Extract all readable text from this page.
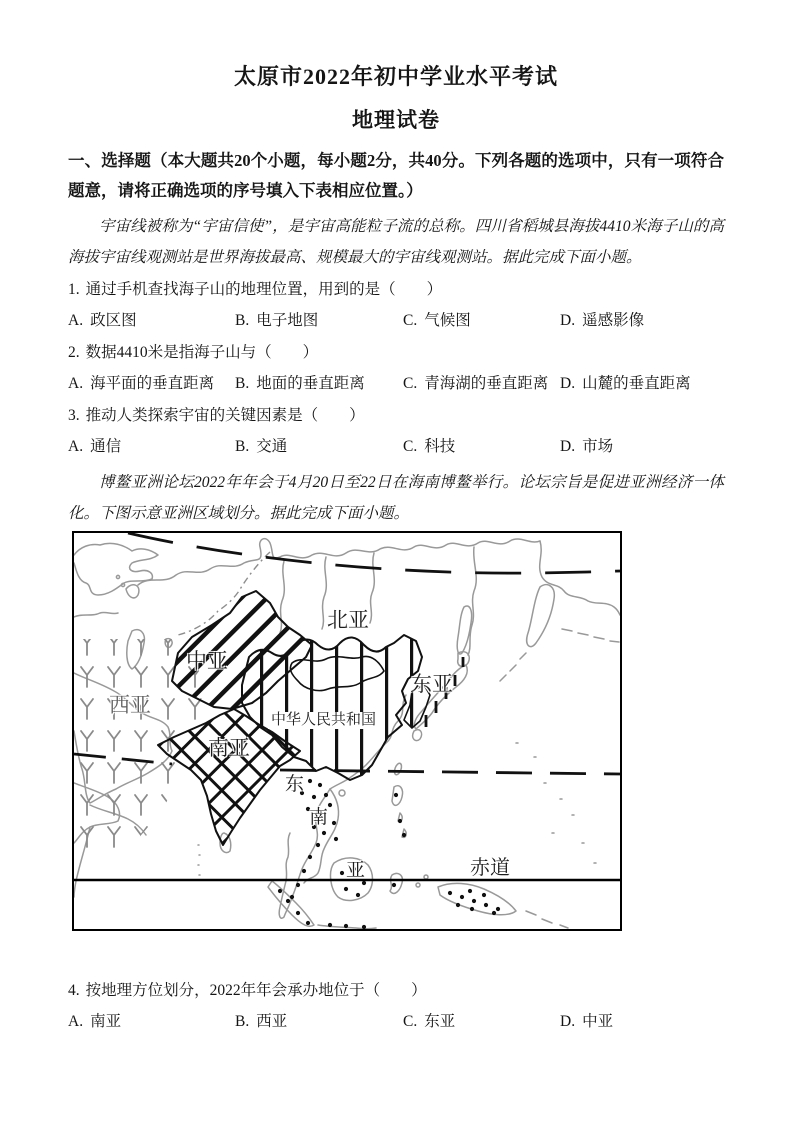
太原市2022年初中学业水平考试
地理试卷

一、选择题（本大题共20个小题，每小题2分，共40分。下列各题的选项中，只有一项符合题意，请将正确选项的序号填入下表相应位置。）

宇宙线被称为“宇宙信使”，是宇宙高能粒子流的总称。四川省稻城县海拔4410米海子山的高海拔宇宙线观测站是世界海拔最高、规模最大的宇宙线观测站。据此完成下面小题。

1. 通过手机查找海子山的地理位置，用到的是（　　）

A. 政区图	B. 电子地图	C. 气候图	D. 遥感影像

2. 数据4410米是指海子山与（　　）

A. 海平面的垂直距离	B. 地面的垂直距离	C. 青海湖的垂直距离 D. 山麓的垂直距离

3. 推动人类探索宇宙的关键因素是（　　）

A. 通信	B. 交通	C. 科技	D. 市场

博鳌亚洲论坛2022年年会于4月20日至22日在海南博鳌举行。论坛宗旨是促进亚洲经济一体化。下图示意亚洲区域划分。据此完成下面小题。

北亚
中亚
西亚
东亚
中华人民共和国
南亚
东
南
亚	赤道

4. 按地理方位划分，2022年年会承办地位于（　　）

A. 南亚	B. 西亚	C. 东亚	D. 中亚
